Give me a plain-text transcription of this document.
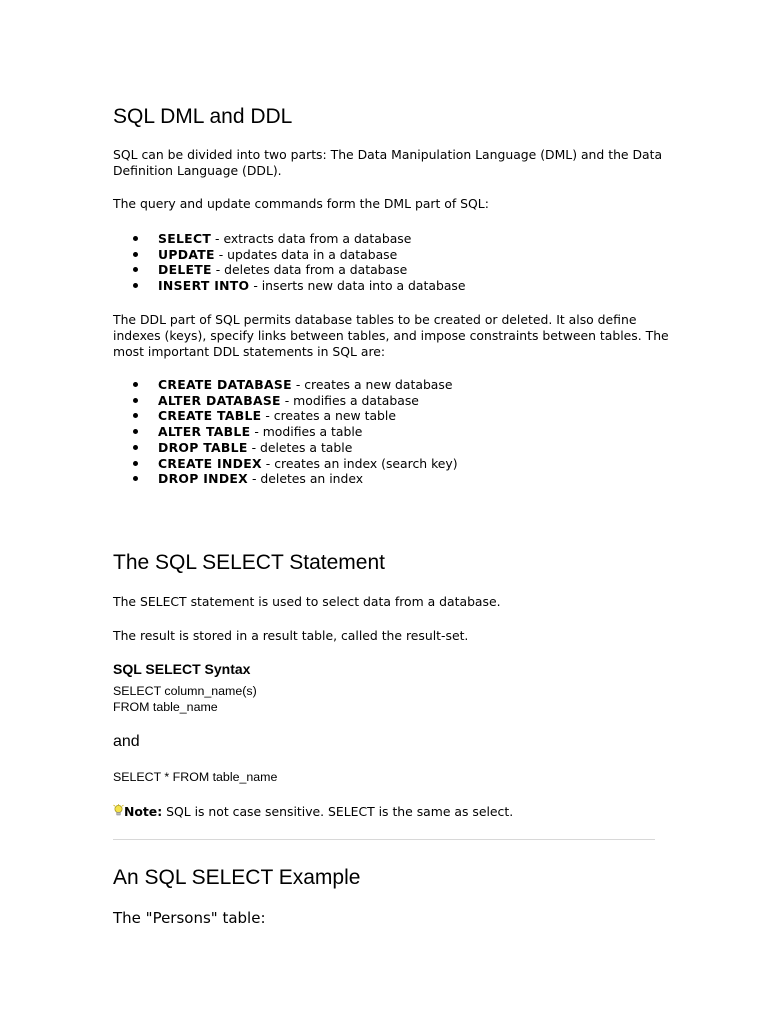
SQL DML and DDL

SQL can be divided into two parts: The Data Manipulation Language (DML) and the Data Definition Language (DDL).

The query and update commands form the DML part of SQL:

SELECT - extracts data from a database
UPDATE - updates data in a database
DELETE - deletes data from a database
INSERT INTO - inserts new data into a database

The DDL part of SQL permits database tables to be created or deleted. It also define indexes (keys), specify links between tables, and impose constraints between tables. The most important DDL statements in SQL are:

CREATE DATABASE - creates a new database
ALTER DATABASE - modifies a database
CREATE TABLE - creates a new table
ALTER TABLE - modifies a table
DROP TABLE - deletes a table
CREATE INDEX - creates an index (search key)
DROP INDEX - deletes an index
The SQL SELECT Statement

The SELECT statement is used to select data from a database.

The result is stored in a result table, called the result-set.

SQL SELECT Syntax
SELECT column_name(s)
FROM table_name
and
SELECT * FROM table_name
Note: SQL is not case sensitive. SELECT is the same as select.
An SQL SELECT Example
The "Persons" table:
